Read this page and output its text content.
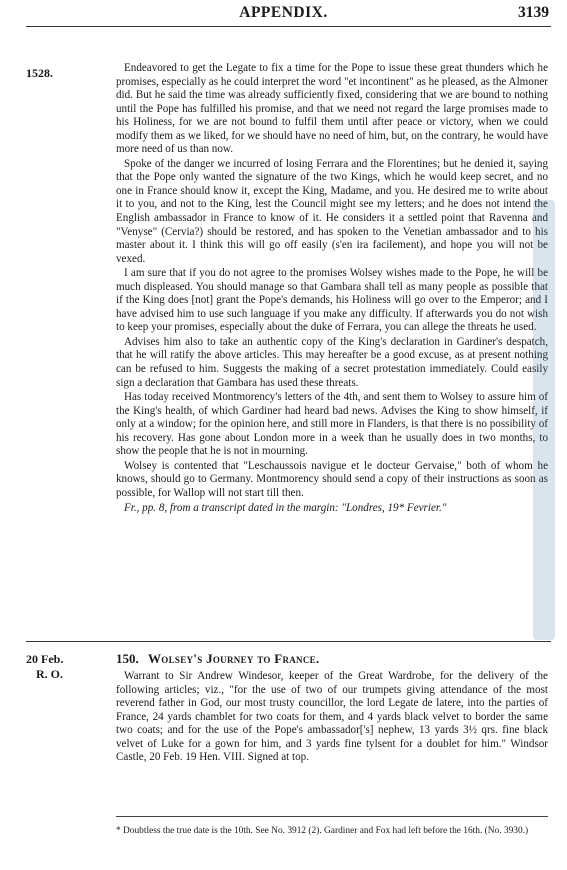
APPENDIX.	3139
1528.	Endeavored to get the Legate to fix a time for the Pope to issue these great thunders which he promises, especially as he could interpret the word "et incontinent" as he pleased, as the Almoner did. But he said the time was already sufficiently fixed, considering that we are bound to nothing until the Pope has fulfilled his promise, and that we need not regard the large promises made to his Holiness, for we are not bound to fulfil them until after peace or victory, when we could modify them as we liked, for we should have no need of him, but, on the contrary, he would have more need of us than now.

Spoke of the danger we incurred of losing Ferrara and the Florentines; but he denied it, saying that the Pope only wanted the signature of the two Kings, which he would keep secret, and no one in France should know it, except the King, Madame, and you. He desired me to write about it to you, and not to the King, lest the Council might see my letters; and he does not intend the English ambassador in France to know of it. He considers it a settled point that Ravenna and "Venyse" (Cervia?) should be restored, and has spoken to the Venetian ambassador and to his master about it. I think this will go off easily (s'en ira facilement), and hope you will not be vexed.

I am sure that if you do not agree to the promises Wolsey wishes made to the Pope, he will be much displeased. You should manage so that Gambara shall tell as many people as possible that if the King does [not] grant the Pope's demands, his Holiness will go over to the Emperor; and I have advised him to use such language if you make any difficulty. If afterwards you do not wish to keep your promises, especially about the duke of Ferrara, you can allege the threats he used.

Advises him also to take an authentic copy of the King's declaration in Gardiner's despatch, that he will ratify the above articles. This may hereafter be a good excuse, as at present nothing can be refused to him. Suggests the making of a secret protestation immediately. Could easily sign a declaration that Gambara has used these threats.

Has today received Montmorency's letters of the 4th, and sent them to Wolsey to assure him of the King's health, of which Gardiner had heard bad news. Advises the King to show himself, if only at a window; for the opinion here, and still more in Flanders, is that there is no possibility of his recovery. Has gone about London more in a week than he usually does in two months, to show the people that he is not in mourning.

Wolsey is contented that "Leschaussois navigue et le docteur Gervaise," both of whom he knows, should go to Germany. Montmorency should send a copy of their instructions as soon as possible, for Wallop will not start till then.

Fr., pp. 8, from a transcript dated in the margin: "Londres, 19* Fevrier."

20 Feb.
R. O.
150. Wolsey's Journey to France.

Warrant to Sir Andrew Windesor, keeper of the Great Wardrobe, for the delivery of the following articles; viz., "for the use of two of our trumpets giving attendance of the most reverend father in God, our most trusty councillor, the lord Legate de latere, into the parties of France, 24 yards chamblet for two coats for them, and 4 yards black velvet to border the same two coats; and for the use of the Pope's ambassador['s] nephew, 13 yards 3½ qrs. fine black velvet of Luke for a gown for him, and 3 yards fine tylsent for a doublet for him." Windsor Castle, 20 Feb. 19 Hen. VIII. Signed at top.

* Doubtless the true date is the 10th. See No. 3912 (2). Gardiner and Fox had left before the 16th. (No. 3930.)
